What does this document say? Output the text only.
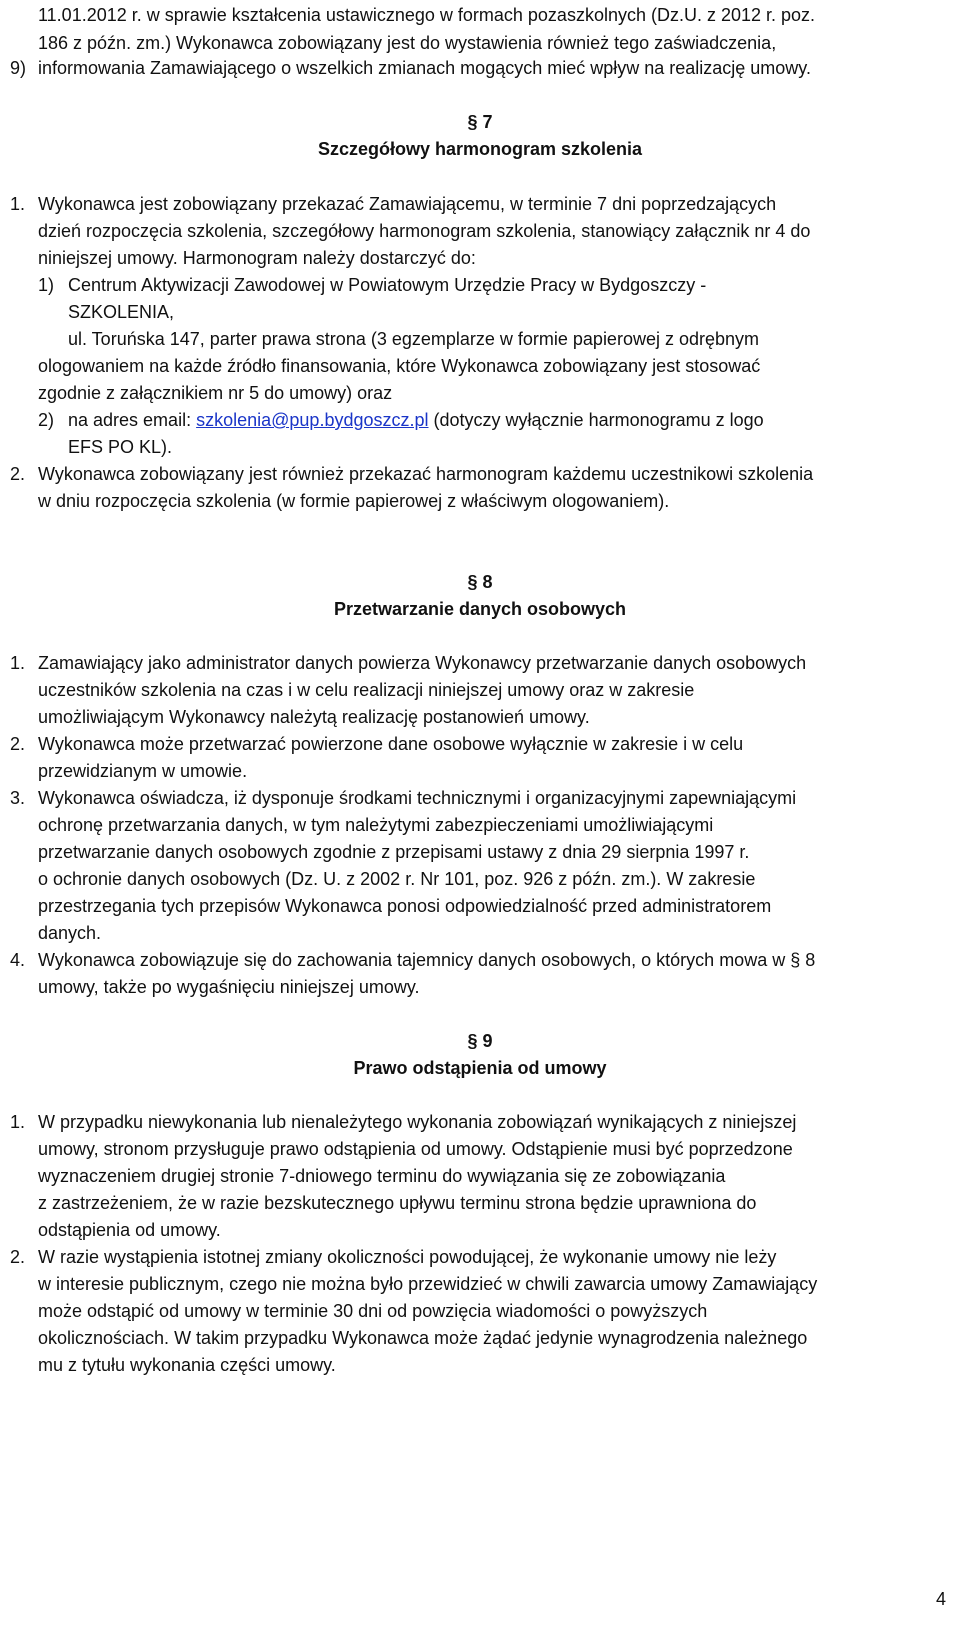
11.01.2012 r. w sprawie kształcenia ustawicznego w formach pozaszkolnych (Dz.U. z 2012 r. poz.
186 z późn. zm.) Wykonawca zobowiązany jest do wystawienia również tego zaświadczenia,
9) informowania Zamawiającego o wszelkich zmianach mogących mieć wpływ na realizację umowy.
§ 7
Szczegółowy harmonogram szkolenia
1. Wykonawca jest zobowiązany przekazać Zamawiającemu, w terminie 7 dni poprzedzających
dzień rozpoczęcia szkolenia, szczegółowy harmonogram szkolenia, stanowiący załącznik nr 4 do
niniejszej umowy. Harmonogram należy dostarczyć do:
1) Centrum Aktywizacji Zawodowej w Powiatowym Urzędzie Pracy w Bydgoszczy -
SZKOLENIA,
ul. Toruńska 147, parter prawa strona (3 egzemplarze w formie papierowej z odrębnym
ologowaniem na każde źródło finansowania, które Wykonawca zobowiązany jest stosować
zgodnie z załącznikiem nr 5 do umowy) oraz
2) na adres email: szkolenia@pup.bydgoszcz.pl (dotyczy wyłącznie harmonogramu z logo
EFS PO KL).
2. Wykonawca zobowiązany jest również przekazać harmonogram każdemu uczestnikowi szkolenia
w dniu rozpoczęcia szkolenia (w formie papierowej z właściwym ologowaniem).
§ 8
Przetwarzanie danych osobowych
1. Zamawiający jako administrator danych powierza Wykonawcy przetwarzanie danych osobowych
uczestników szkolenia na czas i w celu realizacji niniejszej umowy oraz w zakresie
umożliwiającym Wykonawcy należytą realizację postanowień umowy.
2. Wykonawca może przetwarzać powierzone dane osobowe wyłącznie w zakresie i w celu
przewidzianym w umowie.
3. Wykonawca oświadcza, iż dysponuje środkami technicznymi i organizacyjnymi zapewniającymi
ochronę przetwarzania danych, w tym należytymi zabezpieczeniami umożliwiającymi
przetwarzanie danych osobowych zgodnie z przepisami ustawy z dnia 29 sierpnia 1997 r.
o ochronie danych osobowych (Dz. U. z 2002 r. Nr 101, poz. 926 z późn. zm.). W zakresie
przestrzegania tych przepisów Wykonawca ponosi odpowiedzialność przed administratorem
danych.
4. Wykonawca zobowiązuje się do zachowania tajemnicy danych osobowych, o których mowa w § 8
umowy, także po wygaśnięciu niniejszej umowy.
§ 9
Prawo odstąpienia od umowy
1. W przypadku niewykonania lub nienależytego wykonania zobowiązań wynikających z niniejszej
umowy, stronom przysługuje prawo odstąpienia od umowy. Odstąpienie musi być poprzedzone
wyznaczeniem drugiej stronie 7-dniowego terminu do wywiązania się ze zobowiązania
z zastrzeżeniem, że w razie bezskutecznego upływu terminu strona będzie uprawniona do
odstąpienia od umowy.
2. W razie wystąpienia istotnej zmiany okoliczności powodującej, że wykonanie umowy nie leży
w interesie publicznym, czego nie można było przewidzieć w chwili zawarcia umowy Zamawiający
może odstąpić od umowy w terminie 30 dni od powzięcia wiadomości o powyższych
okolicznościach. W takim przypadku Wykonawca może żądać jedynie wynagrodzenia należnego
mu z tytułu wykonania części umowy.
4
